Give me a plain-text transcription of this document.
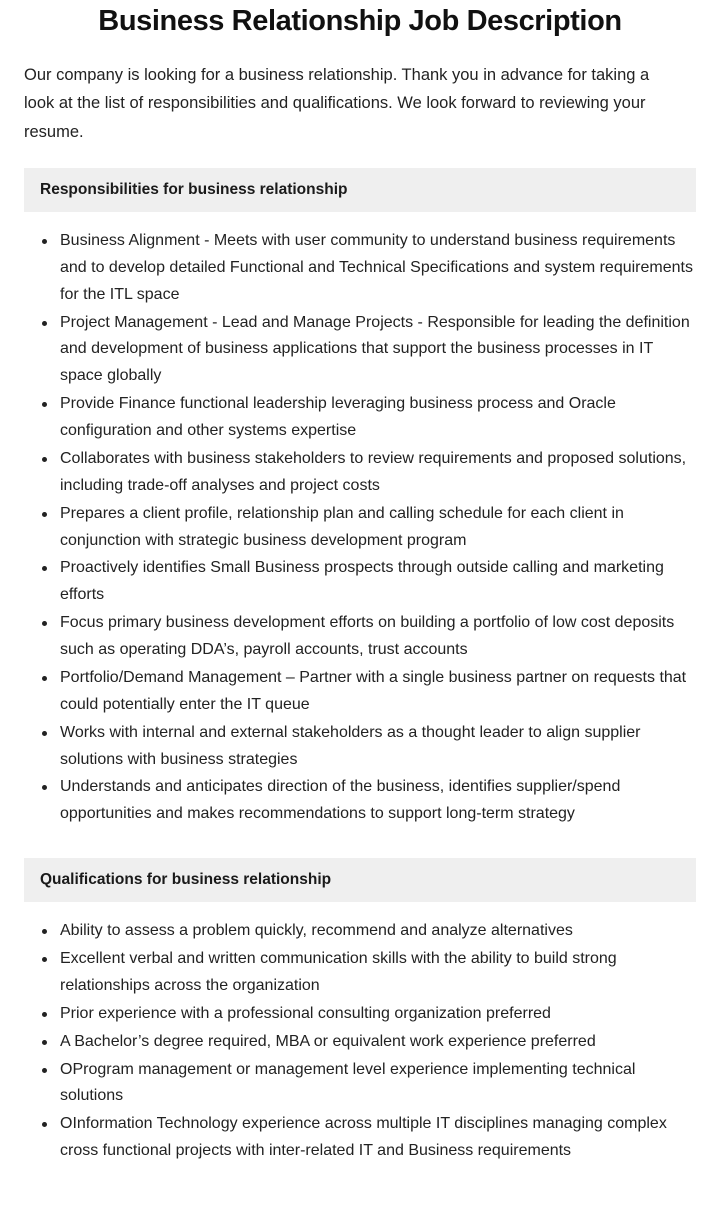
Business Relationship Job Description

Our company is looking for a business relationship. Thank you in advance for taking a look at the list of responsibilities and qualifications. We look forward to reviewing your resume.

Responsibilities for business relationship
Business Alignment - Meets with user community to understand business requirements and to develop detailed Functional and Technical Specifications and system requirements for the ITL space
Project Management - Lead and Manage Projects - Responsible for leading the definition and development of business applications that support the business processes in IT space globally
Provide Finance functional leadership leveraging business process and Oracle configuration and other systems expertise
Collaborates with business stakeholders to review requirements and proposed solutions, including trade-off analyses and project costs
Prepares a client profile, relationship plan and calling schedule for each client in conjunction with strategic business development program
Proactively identifies Small Business prospects through outside calling and marketing efforts
Focus primary business development efforts on building a portfolio of low cost deposits such as operating DDA’s, payroll accounts, trust accounts
Portfolio/Demand Management – Partner with a single business partner on requests that could potentially enter the IT queue
Works with internal and external stakeholders as a thought leader to align supplier solutions with business strategies
Understands and anticipates direction of the business, identifies supplier/spend opportunities and makes recommendations to support long-term strategy
Qualifications for business relationship
Ability to assess a problem quickly, recommend and analyze alternatives
Excellent verbal and written communication skills with the ability to build strong relationships across the organization
Prior experience with a professional consulting organization preferred
A Bachelor’s degree required, MBA or equivalent work experience preferred
OProgram management or management level experience implementing technical solutions
OInformation Technology experience across multiple IT disciplines managing complex cross functional projects with inter-related IT and Business requirements
